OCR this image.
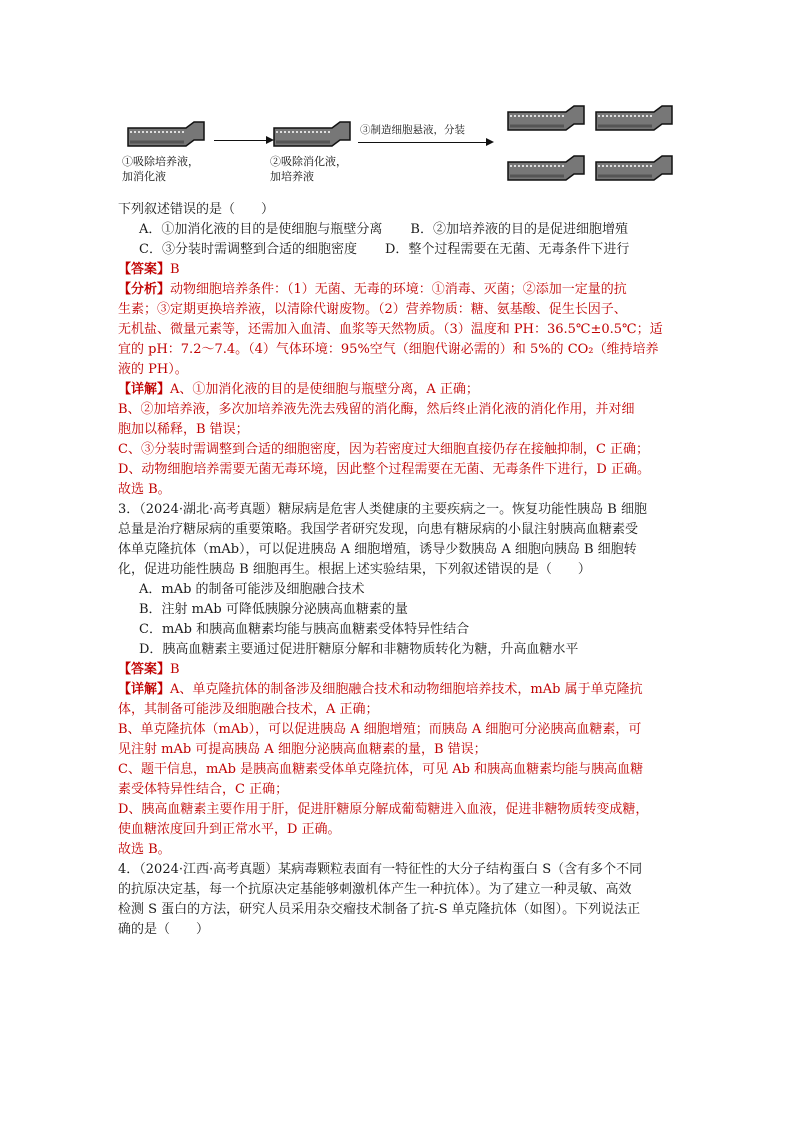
①吸除培养液，
加消化液
②吸除消化液，
加培养液
③制造细胞悬液，分装

下列叙述错误的是（　　）

A．①加消化液的目的是使细胞与瓶壁分离 B．②加培养液的目的是促进细胞增殖

C．③分装时需调整到合适的细胞密度 D．整个过程需要在无菌、无毒条件下进行

【答案】B

【分析】动物细胞培养条件：（1）无菌、无毒的环境：①消毒、灭菌；②添加一定量的抗

生素；③定期更换培养液，以清除代谢废物。（2）营养物质：糖、氨基酸、促生长因子、

无机盐、微量元素等，还需加入血清、血浆等天然物质。（3）温度和 PH：36.5℃±0.5℃；适

宜的 pH：7.2～7.4。（4）气体环境：95%空气（细胞代谢必需的）和 5%的 CO₂（维持培养

液的 PH）。

【详解】A、①加消化液的目的是使细胞与瓶壁分离，A 正确；

B、②加培养液，多次加培养液先洗去残留的消化酶，然后终止消化液的消化作用，并对细

胞加以稀释，B 错误；

C、③分装时需调整到合适的细胞密度，因为若密度过大细胞直接仍存在接触抑制，C 正确；

D、动物细胞培养需要无菌无毒环境，因此整个过程需要在无菌、无毒条件下进行，D 正确。

故选 B。

3．（2024·湖北·高考真题）糖尿病是危害人类健康的主要疾病之一。恢复功能性胰岛 B 细胞

总量是治疗糖尿病的重要策略。我国学者研究发现，向患有糖尿病的小鼠注射胰高血糖素受

体单克隆抗体（mAb），可以促进胰岛 A 细胞增殖，诱导少数胰岛 A 细胞向胰岛 B 细胞转

化，促进功能性胰岛 B 细胞再生。根据上述实验结果，下列叙述错误的是（　　）

A．mAb 的制备可能涉及细胞融合技术

B．注射 mAb 可降低胰腺分泌胰高血糖素的量

C．mAb 和胰高血糖素均能与胰高血糖素受体特异性结合

D．胰高血糖素主要通过促进肝糖原分解和非糖物质转化为糖，升高血糖水平

【答案】B

【详解】A、单克隆抗体的制备涉及细胞融合技术和动物细胞培养技术，mAb 属于单克隆抗

体，其制备可能涉及细胞融合技术，A 正确；

B、单克隆抗体（mAb），可以促进胰岛 A 细胞增殖；而胰岛 A 细胞可分泌胰高血糖素，可

见注射 mAb 可提高胰岛 A 细胞分泌胰高血糖素的量，B 错误；

C、题干信息，mAb 是胰高血糖素受体单克隆抗体，可见 Ab 和胰高血糖素均能与胰高血糖

素受体特异性结合，C 正确；

D、胰高血糖素主要作用于肝，促进肝糖原分解成葡萄糖进入血液，促进非糖物质转变成糖，

使血糖浓度回升到正常水平，D 正确。

故选 B。

4．（2024·江西·高考真题）某病毒颗粒表面有一特征性的大分子结构蛋白 S（含有多个不同

的抗原决定基，每一个抗原决定基能够刺激机体产生一种抗体）。为了建立一种灵敏、高效

检测 S 蛋白的方法，研究人员采用杂交瘤技术制备了抗-S 单克隆抗体（如图）。下列说法正

确的是（　　）
